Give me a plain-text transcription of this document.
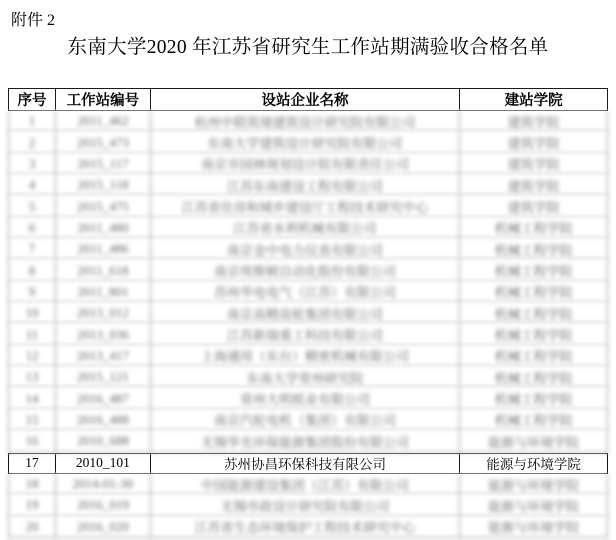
附件 2
东南大学2020 年江苏省研究生工作站期满验收合格名单
序号	工作站编号	设站企业名称	建站学院
1	2011_462	杭州中联筑境建筑设计研究院有限公司	建筑学院
2	2015_473	东南大学建筑设计研究院有限公司	建筑学院
3	2015_117	南京市园林规划设计院有限责任公司	建筑学院
4	2015_118	江苏东南建设工程有限公司	建筑学院
5	2015_475	江苏省住房和城乡建设厅工程技术研究中心	建筑学院
6	2011_480	江苏省水利机械有限公司	机械工程学院
7	2011_486	南京金中电力仪表有限公司	机械工程学院
8	2011_618	南京埃斯顿自动化股份有限公司	机械工程学院
9	2011_801	苏州华电电气（江苏）有限公司	机械工程学院
10	2013_012	南京高精齿轮集团有限公司	机械工程学院
11	2013_036	江苏新瑞重工科技有限公司	机械工程学院
12	2013_417	上海通用（东台）精密机械有限公司	机械工程学院
13	2015_121	东南大学常州研究院	机械工程学院
14	2016_487	常州大明纸业有限公司	机械工程学院
15	2016_488	南京汽轮电机（集团）有限公司	机械工程学院
16	2010_688	无锡华光环保能源集团股份有限公司	能源与环境学院
17	2010_101	苏州协昌环保科技有限公司	能源与环境学院
18	2014-01-30	中国能源建设集团（江苏）有限公司	能源与环境学院
19	2016_019	无锡市政设计研究院有限公司	能源与环境学院
20	2016_020	江苏省生态环境保护工程技术研究中心	能源与环境学院
